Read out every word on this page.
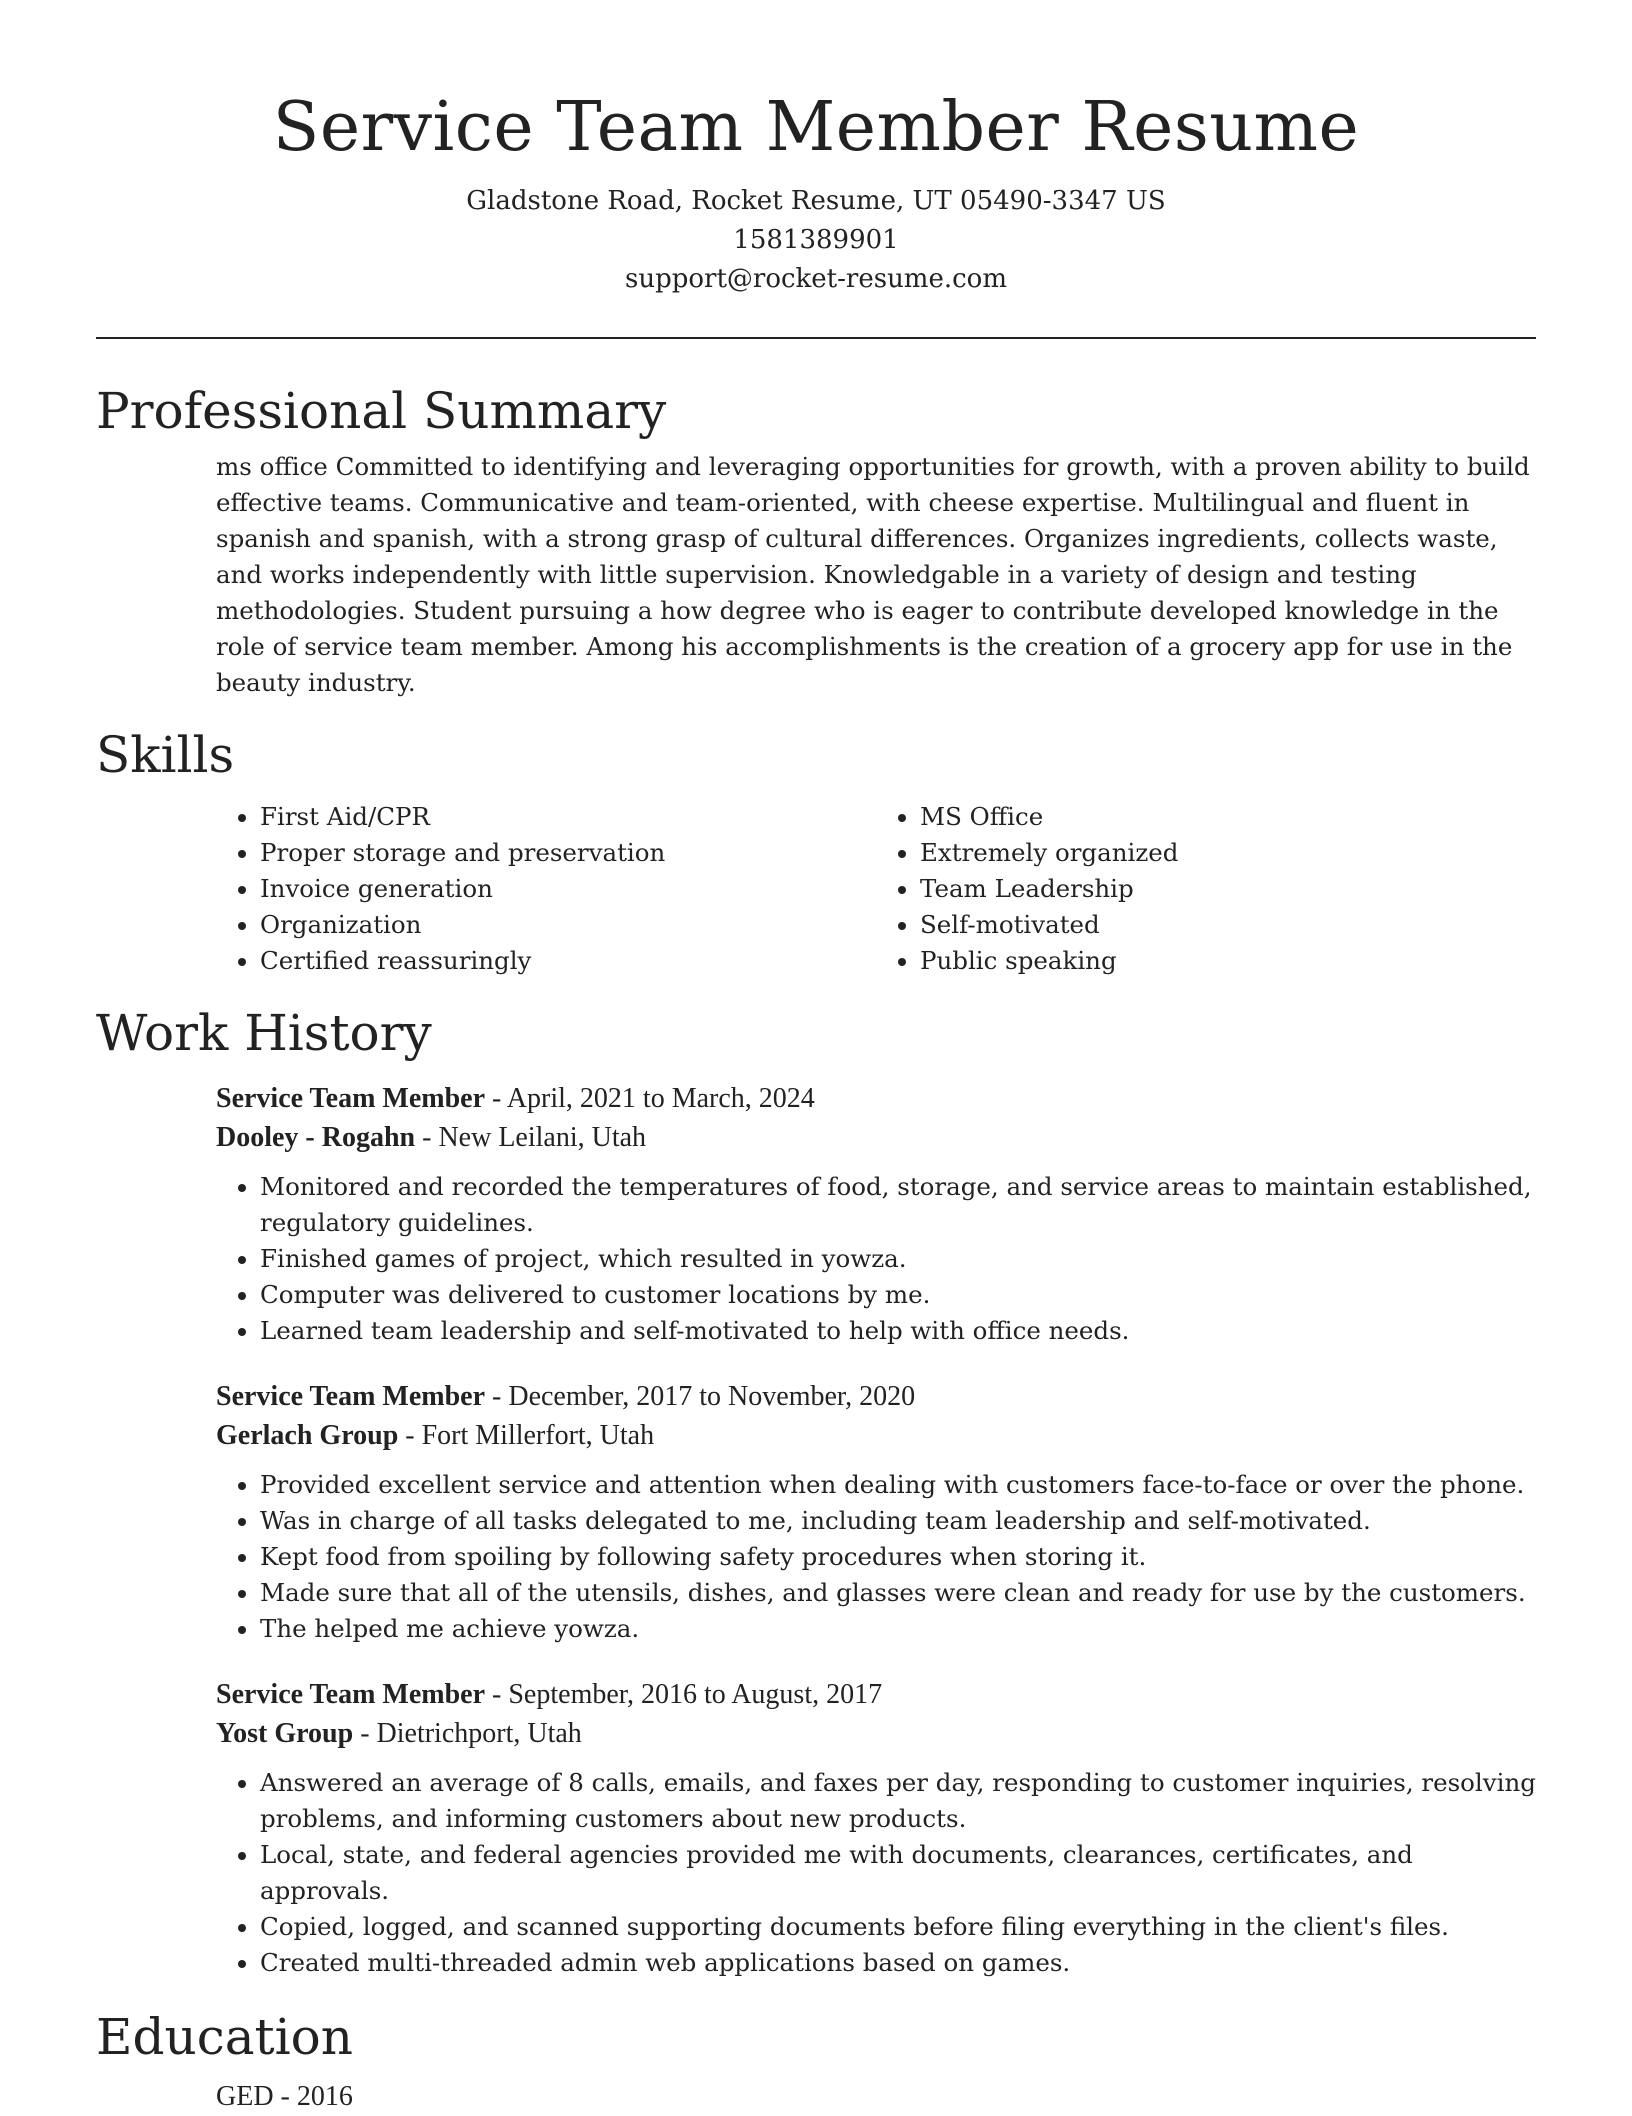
Service Team Member Resume

Gladstone Road, Rocket Resume, UT 05490-3347 US

1581389901

support@rocket-resume.com

Professional Summary

ms office Committed to identifying and leveraging opportunities for growth, with a proven ability to build effective teams. Communicative and team-oriented, with cheese expertise. Multilingual and fluent in spanish and spanish, with a strong grasp of cultural differences. Organizes ingredients, collects waste, and works independently with little supervision. Knowledgable in a variety of design and testing methodologies. Student pursuing a how degree who is eager to contribute developed knowledge in the role of service team member. Among his accomplishments is the creation of a grocery app for use in the beauty industry.

Skills
• First Aid/CPR
• Proper storage and preservation
• Invoice generation
• Organization
• Certified reassuringly
• MS Office
• Extremely organized
• Team Leadership
• Self-motivated
• Public speaking
Work History

Service Team Member - April, 2021 to March, 2024

Dooley - Rogahn - New Leilani, Utah

• Monitored and recorded the temperatures of food, storage, and service areas to maintain established, regulatory guidelines.
• Finished games of project, which resulted in yowza.
• Computer was delivered to customer locations by me.
• Learned team leadership and self-motivated to help with office needs.

Service Team Member - December, 2017 to November, 2020

Gerlach Group - Fort Millerfort, Utah

• Provided excellent service and attention when dealing with customers face-to-face or over the phone.
• Was in charge of all tasks delegated to me, including team leadership and self-motivated.
• Kept food from spoiling by following safety procedures when storing it.
• Made sure that all of the utensils, dishes, and glasses were clean and ready for use by the customers.
• The helped me achieve yowza.

Service Team Member - September, 2016 to August, 2017

Yost Group - Dietrichport, Utah

• Answered an average of 8 calls, emails, and faxes per day, responding to customer inquiries, resolving problems, and informing customers about new products.
• Local, state, and federal agencies provided me with documents, clearances, certificates, and approvals.
• Copied, logged, and scanned supporting documents before filing everything in the client's files.
• Created multi-threaded admin web applications based on games.
Education

GED - 2016
